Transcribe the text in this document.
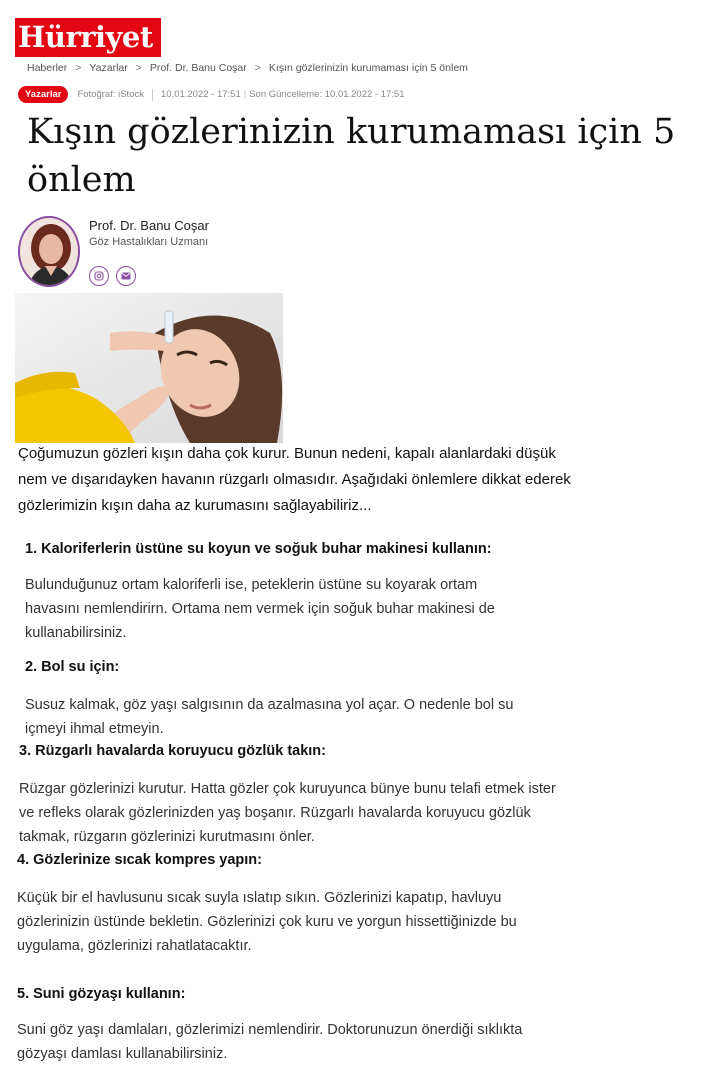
Hürriyet
Haberler > Yazarlar > Prof. Dr. Banu Coşar > Kışın gözlerinizin kurumaması için 5 önlem
Yazarlar	Fotoğraf: iStock 10.01.2022 - 17:51 | Son Güncelleme: 10.01.2022 - 17:51
Kışın gözlerinizin kurumaması için 5 önlem
Prof. Dr. Banu Coşar
Göz Hastalıkları Uzmanı

Çoğumuzun gözleri kışın daha çok kurur. Bunun nedeni, kapalı alanlardaki düşük nem ve dışarıdayken havanın rüzgarlı olmasıdır. Aşağıdaki önlemlere dikkat ederek gözlerimizin kışın daha az kurumasını sağlayabiliriz...

1. Kaloriferlerin üstüne su koyun ve soğuk buhar makinesi kullanın:

Bulunduğunuz ortam kaloriferli ise, peteklerin üstüne su koyarak ortam havasını nemlendirirn. Ortama nem vermek için soğuk buhar makinesi de kullanabilirsiniz.

2. Bol su için:

Susuz kalmak, göz yaşı salgısının da azalmasına yol açar. O nedenle bol su içmeyi ihmal etmeyin.

3. Rüzgarlı havalarda koruyucu gözlük takın:

Rüzgar gözlerinizi kurutur. Hatta gözler çok kuruyunca bünye bunu telafi etmek ister ve refleks olarak gözlerinizden yaş boşanır. Rüzgarlı havalarda koruyucu gözlük takmak, rüzgarın gözlerinizi kurutmasını önler.

4. Gözlerinize sıcak kompres yapın:

Küçük bir el havlusunu sıcak suyla ıslatıp sıkın. Gözlerinizi kapatıp, havluyu gözlerinizin üstünde bekletin. Gözlerinizi çok kuru ve yorgun hissettiğinizde bu uygulama, gözlerinizi rahatlatacaktır.

5. Suni gözyaşı kullanın:

Suni göz yaşı damlaları, gözlerimizi nemlendirir. Doktorunuzun önerdiği sıklıkta gözyaşı damlası kullanabilirsiniz.
